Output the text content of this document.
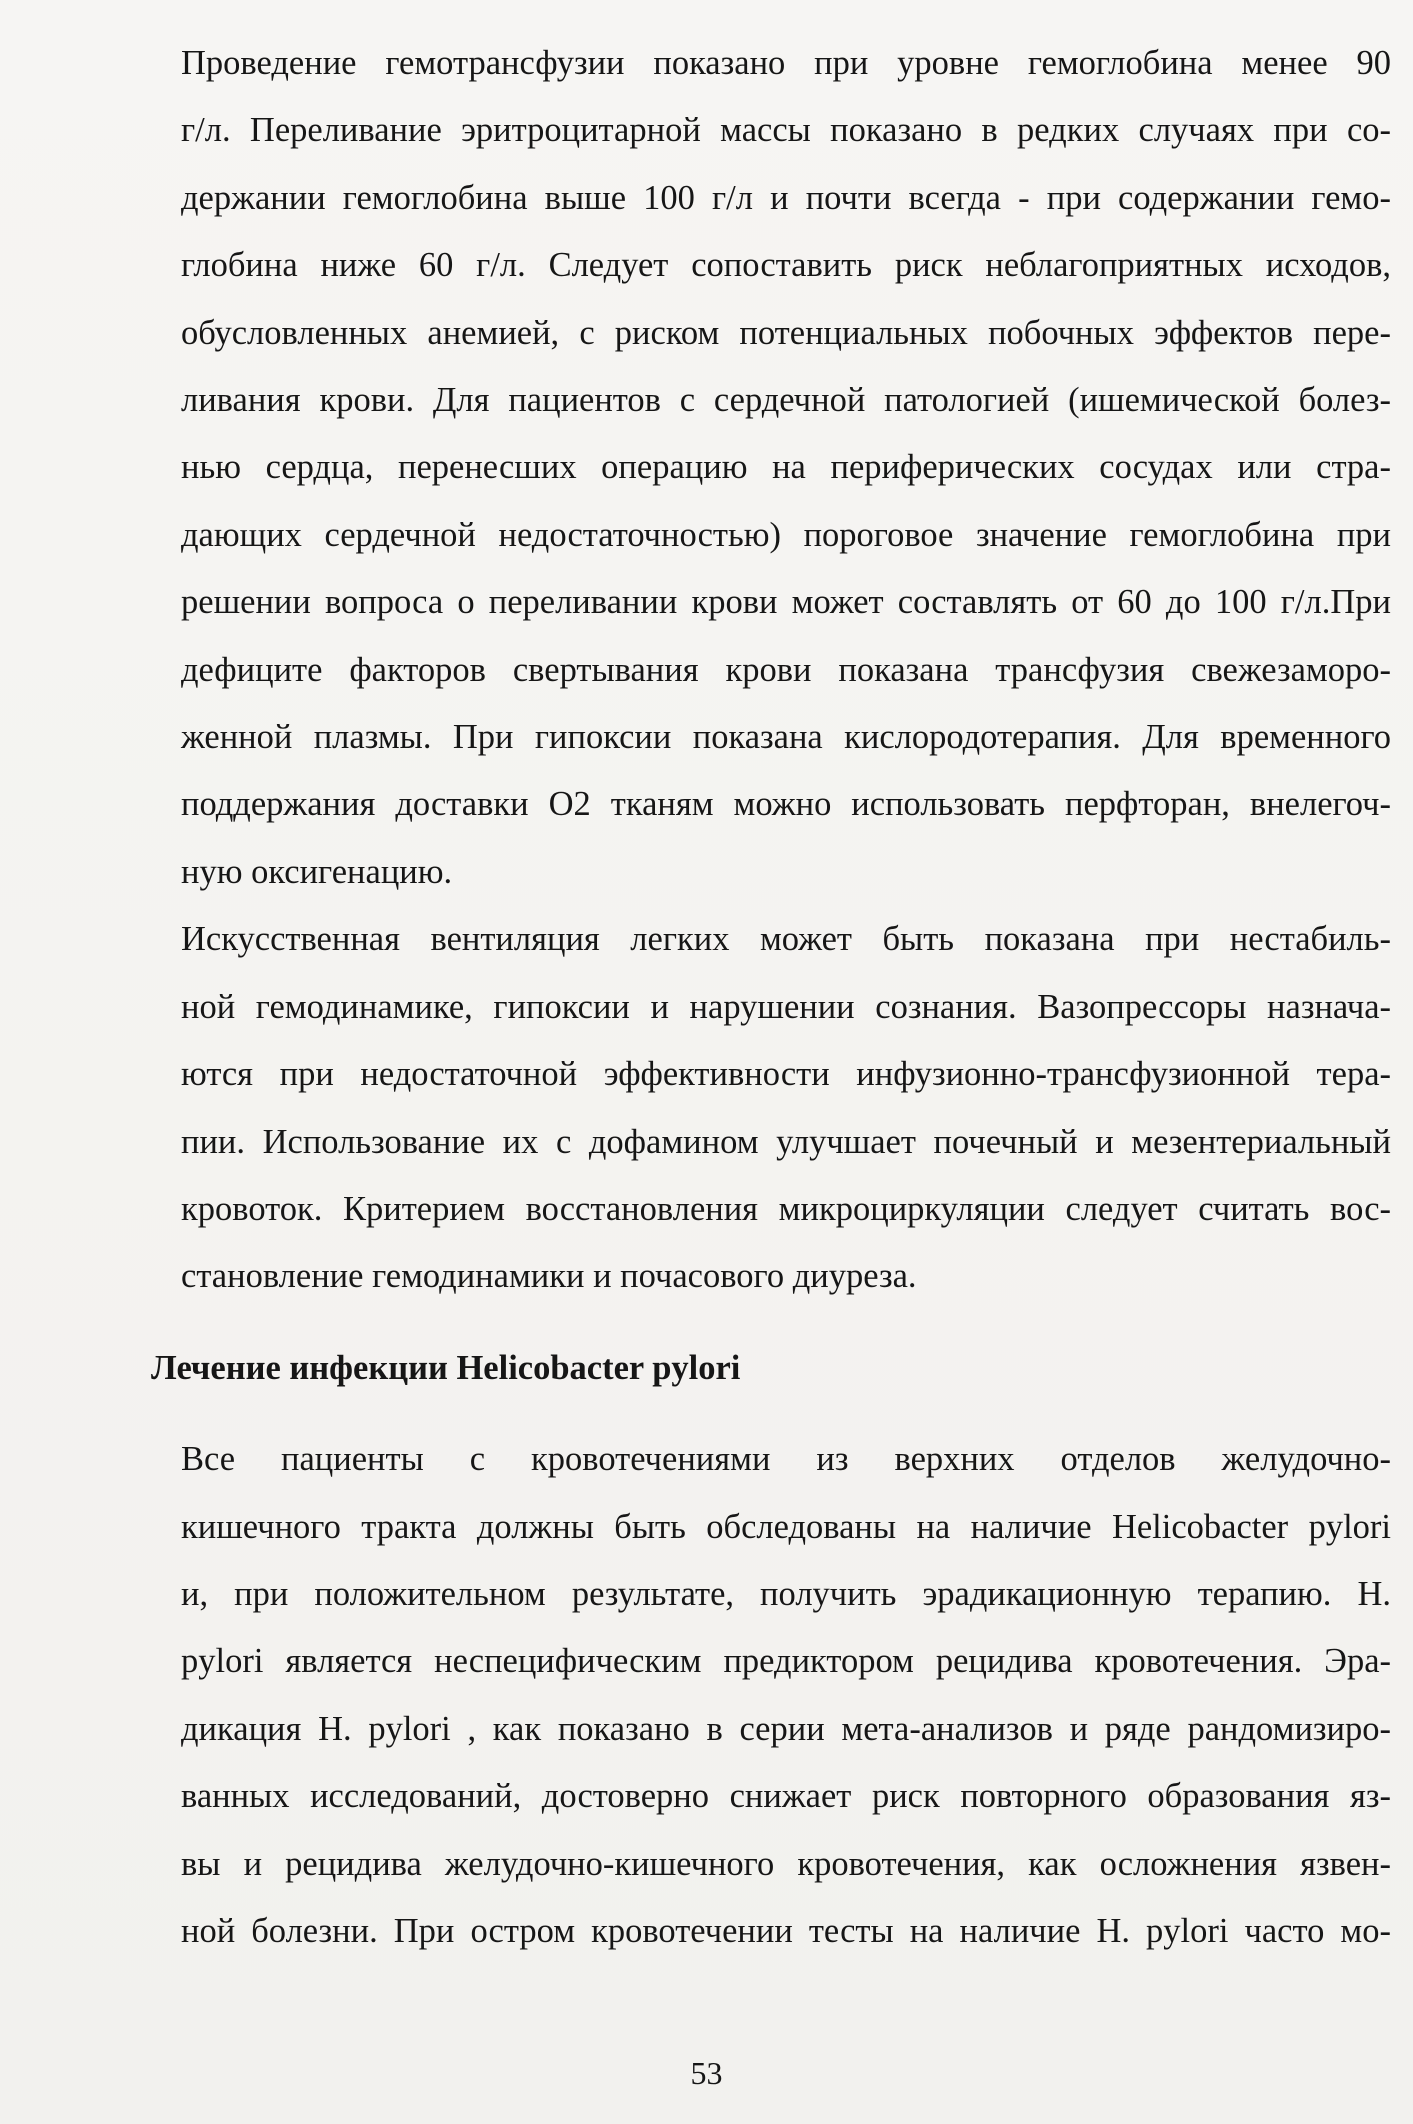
Проведение гемотрансфузии показано при уровне гемоглобина менее 90
г/л. Переливание эритроцитарной массы показано в редких случаях при со-
держании гемоглобина выше 100 г/л и почти всегда - при содержании гемо-
глобина ниже 60 г/л. Следует сопоставить риск неблагоприятных исходов,
обусловленных анемией, с риском потенциальных побочных эффектов пере-
ливания крови. Для пациентов с сердечной патологией (ишемической болез-
нью сердца, перенесших операцию на периферических сосудах или стра-
дающих сердечной недостаточностью) пороговое значение гемоглобина при
решении вопроса о переливании крови может составлять от 60 до 100 г/л.При
дефиците факторов свертывания крови показана трансфузия свежезаморо-
женной плазмы. При гипоксии показана кислородотерапия. Для временного
поддержания доставки О2 тканям можно использовать перфторан, внелегоч-
ную оксигенацию.

Искусственная вентиляция легких может быть показана при нестабиль-
ной гемодинамике, гипоксии и нарушении сознания. Вазопрессоры назнача-
ются при недостаточной эффективности инфузионно-трансфузионной тера-
пии. Использование их с дофамином улучшает почечный и мезентериальный
кровоток. Критерием восстановления микроциркуляции следует считать вос-
становление гемодинамики и почасового диуреза.

Лечение инфекции Helicobacter pylori

Все пациенты с кровотечениями из верхних отделов желудочно-
кишечного тракта должны быть обследованы на наличие Helicobacter pylori
и, при положительном результате, получить эрадикационную терапию. H.
pylori является неспецифическим предиктором рецидива кровотечения. Эра-
дикация H. pylori , как показано в серии мета-анализов и ряде рандомизиро-
ванных исследований, достоверно снижает риск повторного образования яз-
вы и рецидива желудочно-кишечного кровотечения, как осложнения язвен-
ной болезни. При остром кровотечении тесты на наличие H. pylori часто мо-

53
